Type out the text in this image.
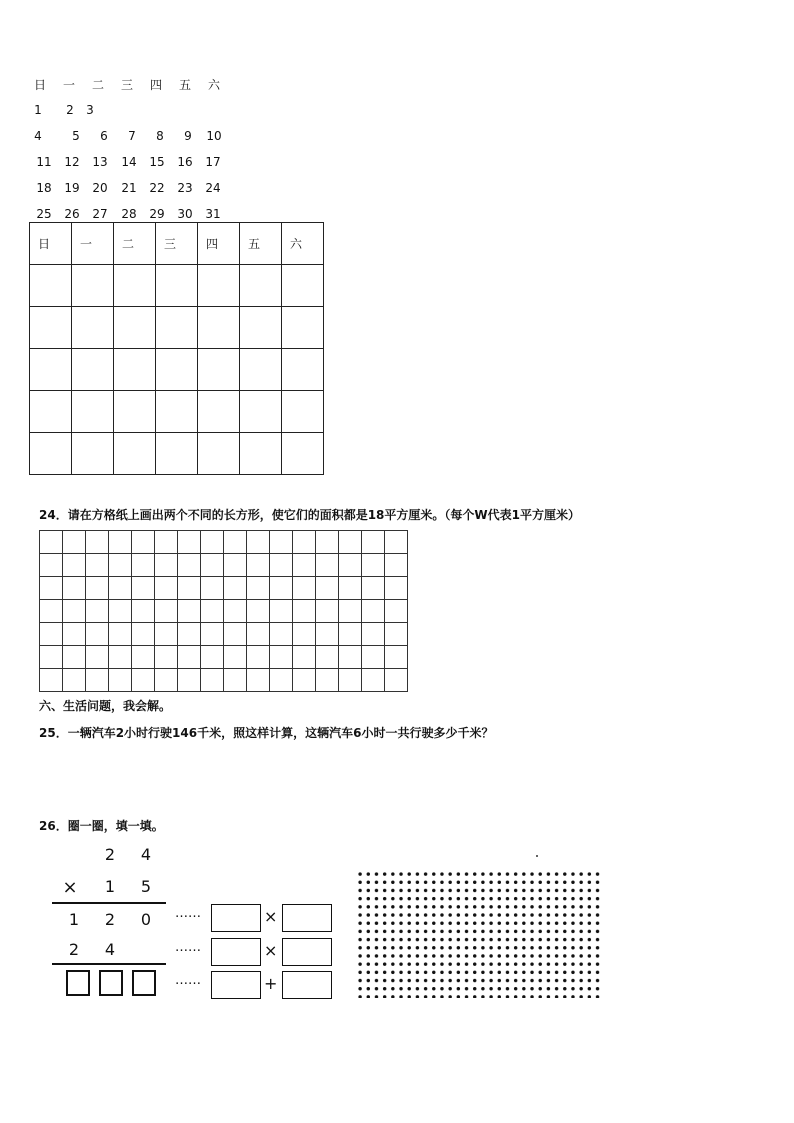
日	一	二	三	四	五	六
1	2	3
4	5	6	7	8	9	10
11	12	13	14	15	16	17
18	19	20	21	22	23	24
25	26	27	28	29	30	31
日	一	二	三	四	五	六

24．请在方格纸上画出两个不同的长方形，使它们的面积都是18平方厘米。（每个W代表1平方厘米）
六、生活问题，我会解。
25．一辆汽车2小时行驶146千米，照这样计算，这辆汽车6小时一共行驶多少千米？
26．圈一圈，填一填。
2	4
×	1	5
1	2	0
2	4
……	×
……	×
……	+
